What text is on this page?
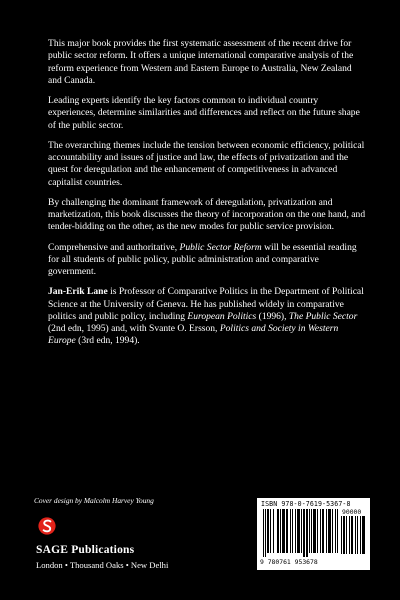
This major book provides the first systematic assessment of the recent drive for public sector reform. It offers a unique international comparative analysis of the reform experience from Western and Eastern Europe to Australia, New Zealand and Canada.

Leading experts identify the key factors common to individual country experiences, determine similarities and differences and reflect on the future shape of the public sector.

The overarching themes include the tension between economic efficiency, political accountability and issues of justice and law, the effects of privatization and the quest for deregulation and the enhancement of competitiveness in advanced capitalist countries.

By challenging the dominant framework of deregulation, privatization and marketization, this book discusses the theory of incorporation on the one hand, and tender-bidding on the other, as the new modes for public service provision.

Comprehensive and authoritative, Public Sector Reform will be essential reading for all students of public policy, public administration and comparative government.

Jan-Erik Lane is Professor of Comparative Politics in the Department of Political Science at the University of Geneva. He has published widely in comparative politics and public policy, including European Politics (1996), The Public Sector (2nd edn, 1995) and, with Svante O. Ersson, Politics and Society in Western Europe (3rd edn, 1994).

Cover design by Malcolm Harvey Young
SAGE Publications
London • Thousand Oaks • New Delhi
ISBN 978-0-7619-5367-8
90000
9 780761 953678
